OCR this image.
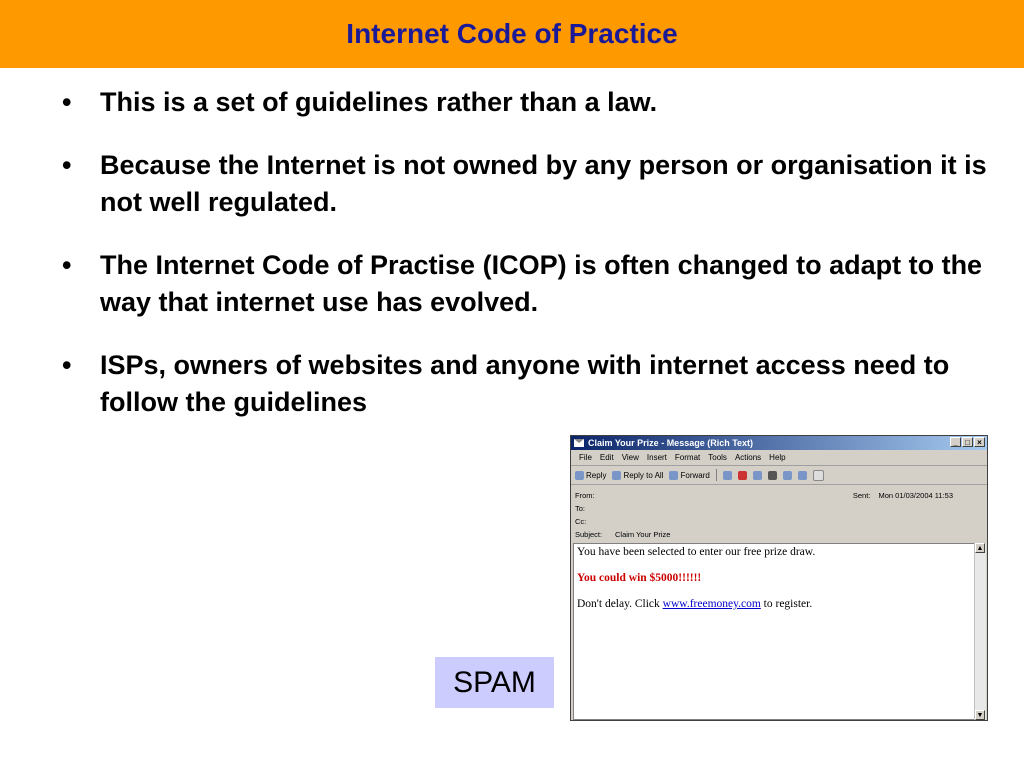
Internet Code of Practice
• This is a set of guidelines rather than a law.
• Because the Internet is not owned by any person or organisation it is not well regulated.
• The Internet Code of Practise (ICOP) is often changed to adapt to the way that internet use has evolved.
• ISPs, owners of websites and anyone with internet access need to follow the guidelines
SPAM
Claim Your Prize - Message (Rich Text)	_ □ ×
File Edit View Insert Format Tools Actions Help
Reply Reply to All Forward
From:
To:
Cc:
Subject:	Claim Your Prize
Sent: Mon 01/03/2004 11:53

You have been selected to enter our free prize draw.

You could win $5000!!!!!!

Don't delay. Click www.freemoney.com to register.

▲
▼
